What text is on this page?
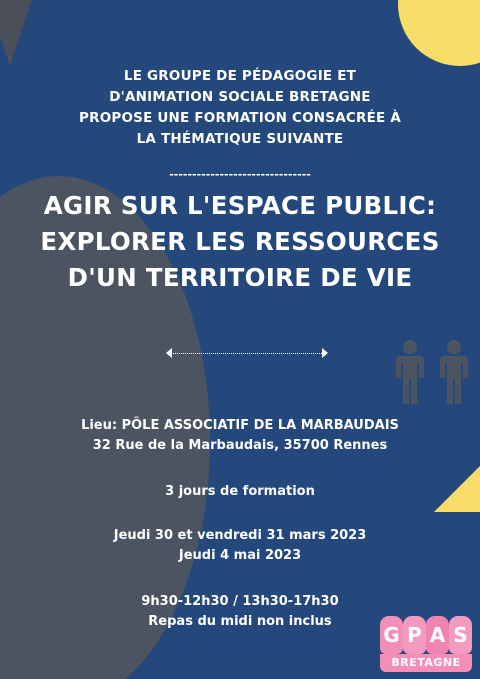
LE GROUPE DE PÉDAGOGIE ET
D'ANIMATION SOCIALE BRETAGNE
PROPOSE UNE FORMATION CONSACRÉE À
LA THÉMATIQUE SUIVANTE
-------------------------------
AGIR SUR L'ESPACE PUBLIC:
EXPLORER LES RESSOURCES
D'UN TERRITOIRE DE VIE
Lieu: PÔLE ASSOCIATIF DE LA MARBAUDAIS
32 Rue de la Marbaudais, 35700 Rennes
3 jours de formation
Jeudi 30 et vendredi 31 mars 2023
Jeudi 4 mai 2023
9h30-12h30 / 13h30-17h30
Repas du midi non inclus
G P A S
BRETAGNE
